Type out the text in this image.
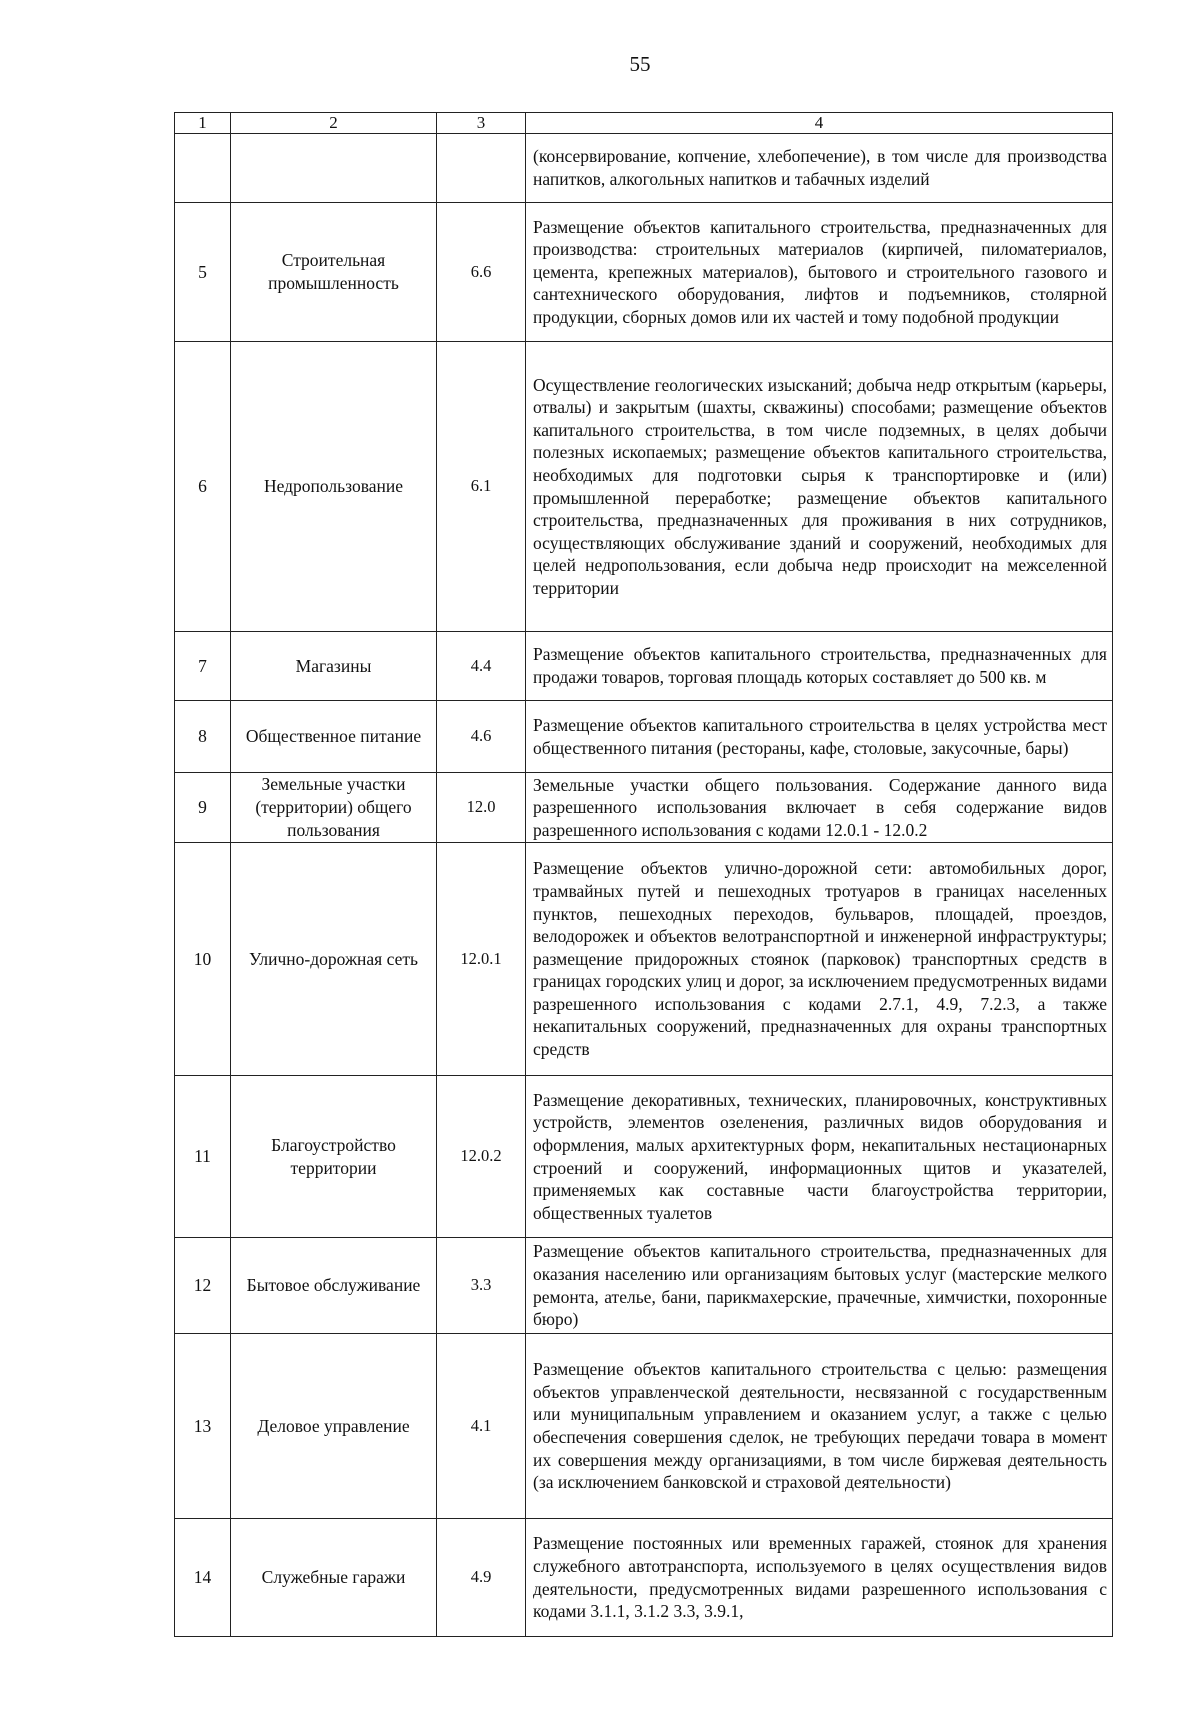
55
1	2	3	4
			(консервирование, копчение, хлебопечение), в том числе для производства напитков, алкогольных напитков и табачных изделий
5	Строительная промышленность	6.6	Размещение объектов капитального строительства, предназначенных для производства: строительных материалов (кирпичей, пиломатериалов, цемента, крепежных материалов), бытового и строительного газового и сантехнического оборудования, лифтов и подъемников, столярной продукции, сборных домов или их частей и тому подобной продукции
6	Недропользование	6.1	Осуществление геологических изысканий; добыча недр открытым (карьеры, отвалы) и закрытым (шахты, скважины) способами; размещение объектов капитального строительства, в том числе подземных, в целях добычи полезных ископаемых; размещение объектов капитального строительства, необходимых для подготовки сырья к транспортировке и (или) промышленной переработке; размещение объектов капитального строительства, предназначенных для проживания в них сотрудников, осуществляющих обслуживание зданий и сооружений, необходимых для целей недропользования, если добыча недр происходит на межселенной территории
7	Магазины	4.4	Размещение объектов капитального строительства, предназначенных для продажи товаров, торговая площадь которых составляет до 500 кв. м
8	Общественное питание	4.6	Размещение объектов капитального строительства в целях устройства мест общественного питания (рестораны, кафе, столовые, закусочные, бары)
9	Земельные участки (территории) общего пользования	12.0	Земельные участки общего пользования. Содержание данного вида разрешенного использования включает в себя содержание видов разрешенного использования с кодами 12.0.1 - 12.0.2
10	Улично-дорожная сеть	12.0.1	Размещение объектов улично-дорожной сети: автомобильных дорог, трамвайных путей и пешеходных тротуаров в границах населенных пунктов, пешеходных переходов, бульваров, площадей, проездов, велодорожек и объектов велотранспортной и инженерной инфраструктуры; размещение придорожных стоянок (парковок) транспортных средств в границах городских улиц и дорог, за исключением предусмотренных видами разрешенного использования с кодами 2.7.1, 4.9, 7.2.3, а также некапитальных сооружений, предназначенных для охраны транспортных средств
11	Благоустройство территории	12.0.2	Размещение декоративных, технических, планировочных, конструктивных устройств, элементов озеленения, различных видов оборудования и оформления, малых архитектурных форм, некапитальных нестационарных строений и сооружений, информационных щитов и указателей, применяемых как составные части благоустройства территории, общественных туалетов
12	Бытовое обслуживание	3.3	Размещение объектов капитального строительства, предназначенных для оказания населению или организациям бытовых услуг (мастерские мелкого ремонта, ателье, бани, парикмахерские, прачечные, химчистки, похоронные бюро)
13	Деловое управление	4.1	Размещение объектов капитального строительства с целью: размещения объектов управленческой деятельности, несвязанной с государственным или муниципальным управлением и оказанием услуг, а также с целью обеспечения совершения сделок, не требующих передачи товара в момент их совершения между организациями, в том числе биржевая деятельность (за исключением банковской и страховой деятельности)
14	Служебные гаражи	4.9	Размещение постоянных или временных гаражей, стоянок для хранения служебного автотранспорта, используемого в целях осуществления видов деятельности, предусмотренных видами разрешенного использования с кодами 3.1.1, 3.1.2 3.3, 3.9.1,
